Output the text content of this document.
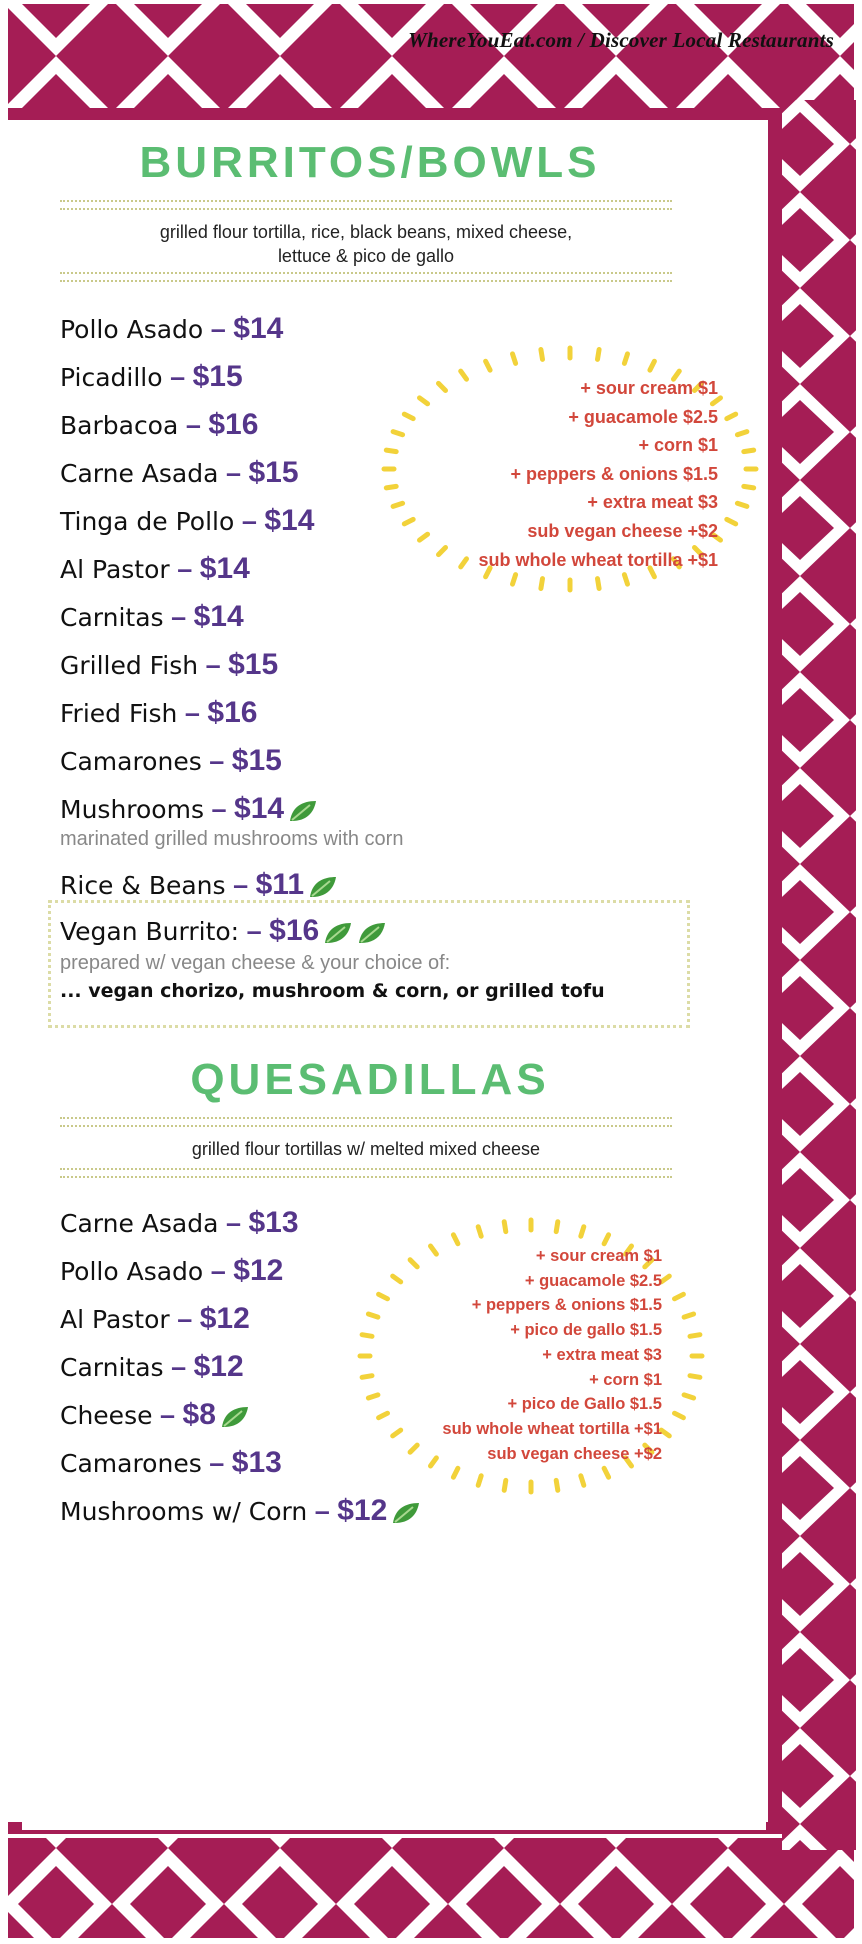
WhereYouEat.com / Discover Local Restaurants
BURRITOS/BOWLS
grilled flour tortilla, rice, black beans, mixed cheese,
lettuce & pico de gallo
Pollo Asado – $14
Picadillo – $15
Barbacoa – $16
Carne Asada – $15
Tinga de Pollo – $14
Al Pastor – $14
Carnitas – $14
Grilled Fish – $15
Fried Fish – $16
Camarones – $15
Mushrooms – $14
Rice & Beans – $11
Vegan Burrito: – $16
marinated grilled mushrooms with corn
prepared w/ vegan cheese & your choice of:
... vegan chorizo, mushroom & corn, or grilled tofu
+ sour cream $1
+ guacamole $2.5
+ corn $1
+ peppers & onions $1.5
+ extra meat $3
sub vegan cheese +$2
sub whole wheat tortilla +$1
QUESADILLAS
grilled flour tortillas w/ melted mixed cheese
Carne Asada – $13
Pollo Asado – $12
Al Pastor – $12
Carnitas – $12
Cheese – $8
Camarones – $13
Mushrooms w/ Corn – $12
+ sour cream $1
+ guacamole $2.5
+ peppers & onions $1.5
+ pico de gallo $1.5
+ extra meat $3
+ corn $1
+ pico de Gallo $1.5
sub whole wheat tortilla +$1
sub vegan cheese +$2
